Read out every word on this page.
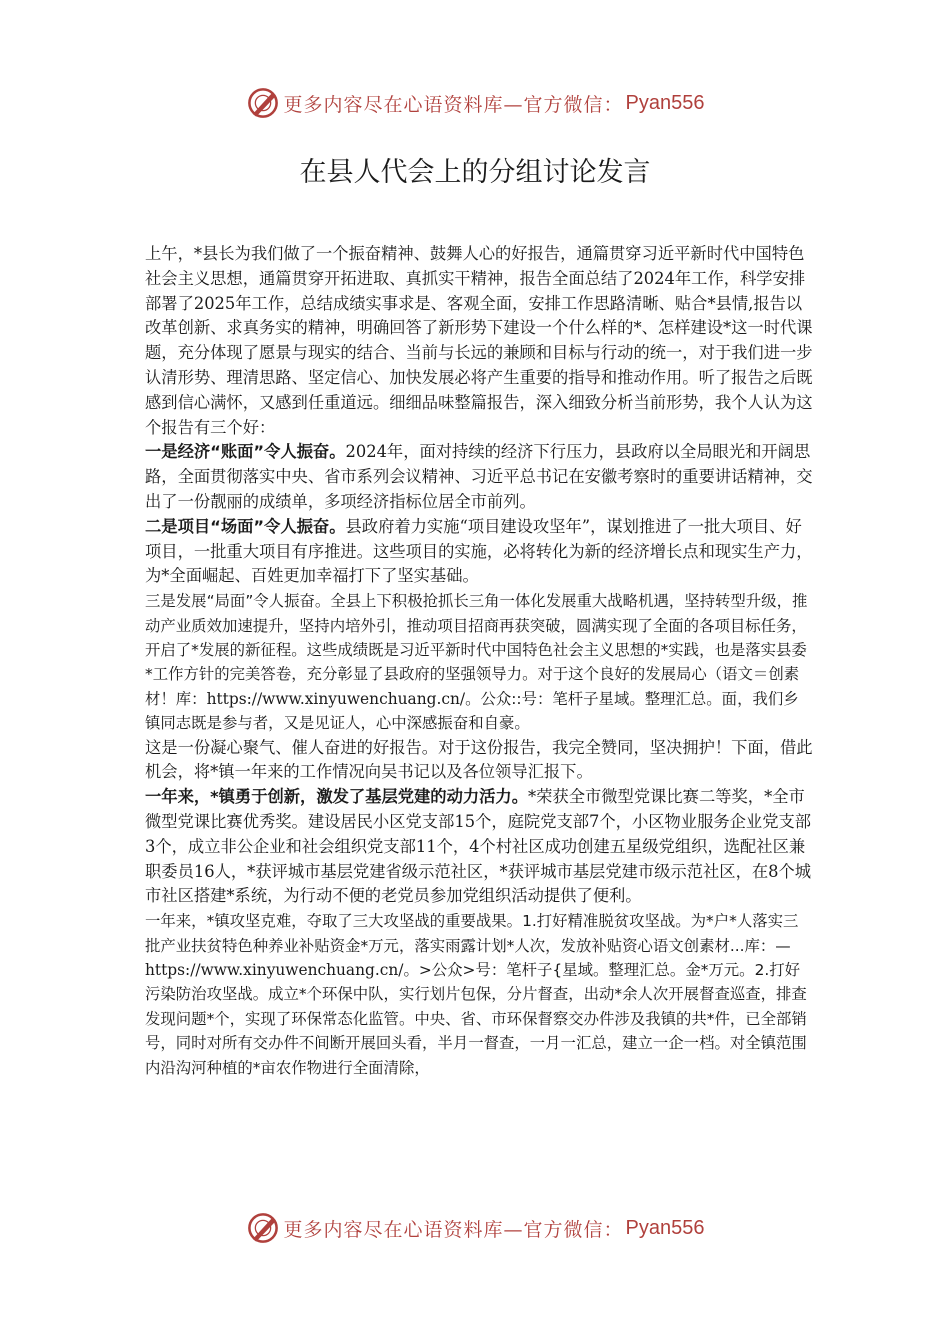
更多内容尽在心语资料库—官方微信： Pyan556
在县人代会上的分组讨论发言

上午，*县长为我们做了一个振奋精神、鼓舞人心的好报告，通篇贯穿习近平新时代中国特色社会主义思想，通篇贯穿开拓进取、真抓实干精神，报告全面总结了2024年工作，科学安排部署了2025年工作，总结成绩实事求是、客观全面，安排工作思路清晰、贴合*县情,报告以改革创新、求真务实的精神，明确回答了新形势下建设一个什么样的*、怎样建设*这一时代课题，充分体现了愿景与现实的结合、当前与长远的兼顾和目标与行动的统一，对于我们进一步认清形势、理清思路、坚定信心、加快发展必将产生重要的指导和推动作用。听了报告之后既感到信心满怀，又感到任重道远。细细品味整篇报告，深入细致分析当前形势，我个人认为这个报告有三个好：

一是经济“账面”令人振奋。2024年，面对持续的经济下行压力，县政府以全局眼光和开阔思路，全面贯彻落实中央、省市系列会议精神、习近平总书记在安徽考察时的重要讲话精神，交出了一份靓丽的成绩单，多项经济指标位居全市前列。

二是项目“场面”令人振奋。县政府着力实施“项目建设攻坚年”，谋划推进了一批大项目、好项目，一批重大项目有序推进。这些项目的实施，必将转化为新的经济增长点和现实生产力，为*全面崛起、百姓更加幸福打下了坚实基础。

三是发展“局面”令人振奋。全县上下积极抢抓长三角一体化发展重大战略机遇，坚持转型升级，推动产业质效加速提升，坚持内培外引，推动项目招商再获突破，圆满实现了全面的各项目标任务，开启了*发展的新征程。这些成绩既是习近平新时代中国特色社会主义思想的*实践，也是落实县委*工作方针的完美答卷，充分彰显了县政府的坚强领导力。对于这个良好的发展局心（语文＝创素材！库：https://www.xinyuwenchuang.cn/。公众::号：笔杆子星域。整理汇总。面，我们乡镇同志既是参与者，又是见证人，心中深感振奋和自豪。

这是一份凝心聚气、催人奋进的好报告。对于这份报告，我完全赞同，坚决拥护！下面，借此机会，将*镇一年来的工作情况向吴书记以及各位领导汇报下。

一年来，*镇勇于创新，激发了基层党建的动力活力。*荣获全市微型党课比赛二等奖，*全市微型党课比赛优秀奖。建设居民小区党支部15个，庭院党支部7个，小区物业服务企业党支部3个，成立非公企业和社会组织党支部11个，4个村社区成功创建五星级党组织，选配社区兼职委员16人，*获评城市基层党建省级示范社区，*获评城市基层党建市级示范社区，在8个城市社区搭建*系统，为行动不便的老党员参加党组织活动提供了便利。

一年来，*镇攻坚克难，夺取了三大攻坚战的重要战果。1.打好精准脱贫攻坚战。为*户*人落实三批产业扶贫特色种养业补贴资金*万元，落实雨露计划*人次，发放补贴资心语文创素材...库：—https://www.xinyuwenchuang.cn/。>公众>号：笔杆子{星域。整理汇总。金*万元。2.打好污染防治攻坚战。成立*个环保中队，实行划片包保，分片督查，出动*余人次开展督查巡查，排查发现问题*个，实现了环保常态化监管。中央、省、市环保督察交办件涉及我镇的共*件，已全部销号，同时对所有交办件不间断开展回头看，半月一督查，一月一汇总，建立一企一档。对全镇范围内沿沟河种植的*亩农作物进行全面清除，

更多内容尽在心语资料库—官方微信： Pyan556
